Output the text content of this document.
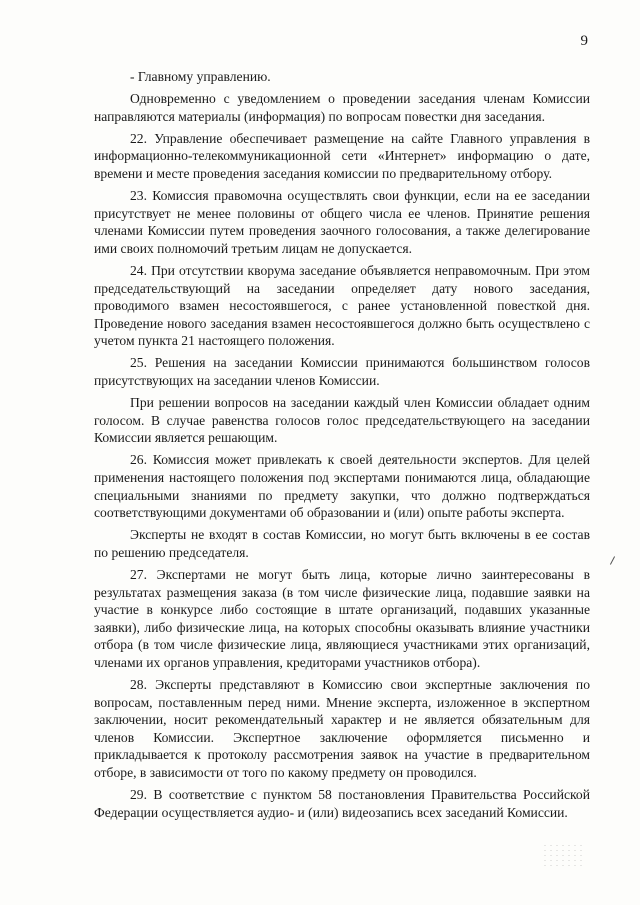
9

- Главному управлению.

Одновременно с уведомлением о проведении заседания членам Комиссии направляются материалы (информация) по вопросам повестки дня заседания.

22. Управление обеспечивает размещение на сайте Главного управления в информационно-телекоммуникационной сети «Интернет» информацию о дате, времени и месте проведения заседания комиссии по предварительному отбору.

23. Комиссия правомочна осуществлять свои функции, если на ее заседании присутствует не менее половины от общего числа ее членов. Принятие решения членами Комиссии путем проведения заочного голосования, а также делегирование ими своих полномочий третьим лицам не допускается.

24. При отсутствии кворума заседание объявляется неправомочным. При этом председательствующий на заседании определяет дату нового заседания, проводимого взамен несостоявшегося, с ранее установленной повесткой дня. Проведение нового заседания взамен несостоявшегося должно быть осуществлено с учетом пункта 21 настоящего положения.

25. Решения на заседании Комиссии принимаются большинством голосов присутствующих на заседании членов Комиссии.

При решении вопросов на заседании каждый член Комиссии обладает одним голосом. В случае равенства голосов голос председательствующего на заседании Комиссии является решающим.

26. Комиссия может привлекать к своей деятельности экспертов. Для целей применения настоящего положения под экспертами понимаются лица, обладающие специальными знаниями по предмету закупки, что должно подтверждаться соответствующими документами об образовании и (или) опыте работы эксперта.

Эксперты не входят в состав Комиссии, но могут быть включены в ее состав по решению председателя.

27. Экспертами не могут быть лица, которые лично заинтересованы в результатах размещения заказа (в том числе физические лица, подавшие заявки на участие в конкурсе либо состоящие в штате организаций, подавших указанные заявки), либо физические лица, на которых способны оказывать влияние участники отбора (в том числе физические лица, являющиеся участниками этих организаций, членами их органов управления, кредиторами участников отбора).

28. Эксперты представляют в Комиссию свои экспертные заключения по вопросам, поставленным перед ними. Мнение эксперта, изложенное в экспертном заключении, носит рекомендательный характер и не является обязательным для членов Комиссии. Экспертное заключение оформляется письменно и прикладывается к протоколу рассмотрения заявок на участие в предварительном отборе, в зависимости от того по какому предмету он проводился.

29. В соответствие с пунктом 58 постановления Правительства Российской Федерации осуществляется аудио- и (или) видеозапись всех заседаний Комиссии.
